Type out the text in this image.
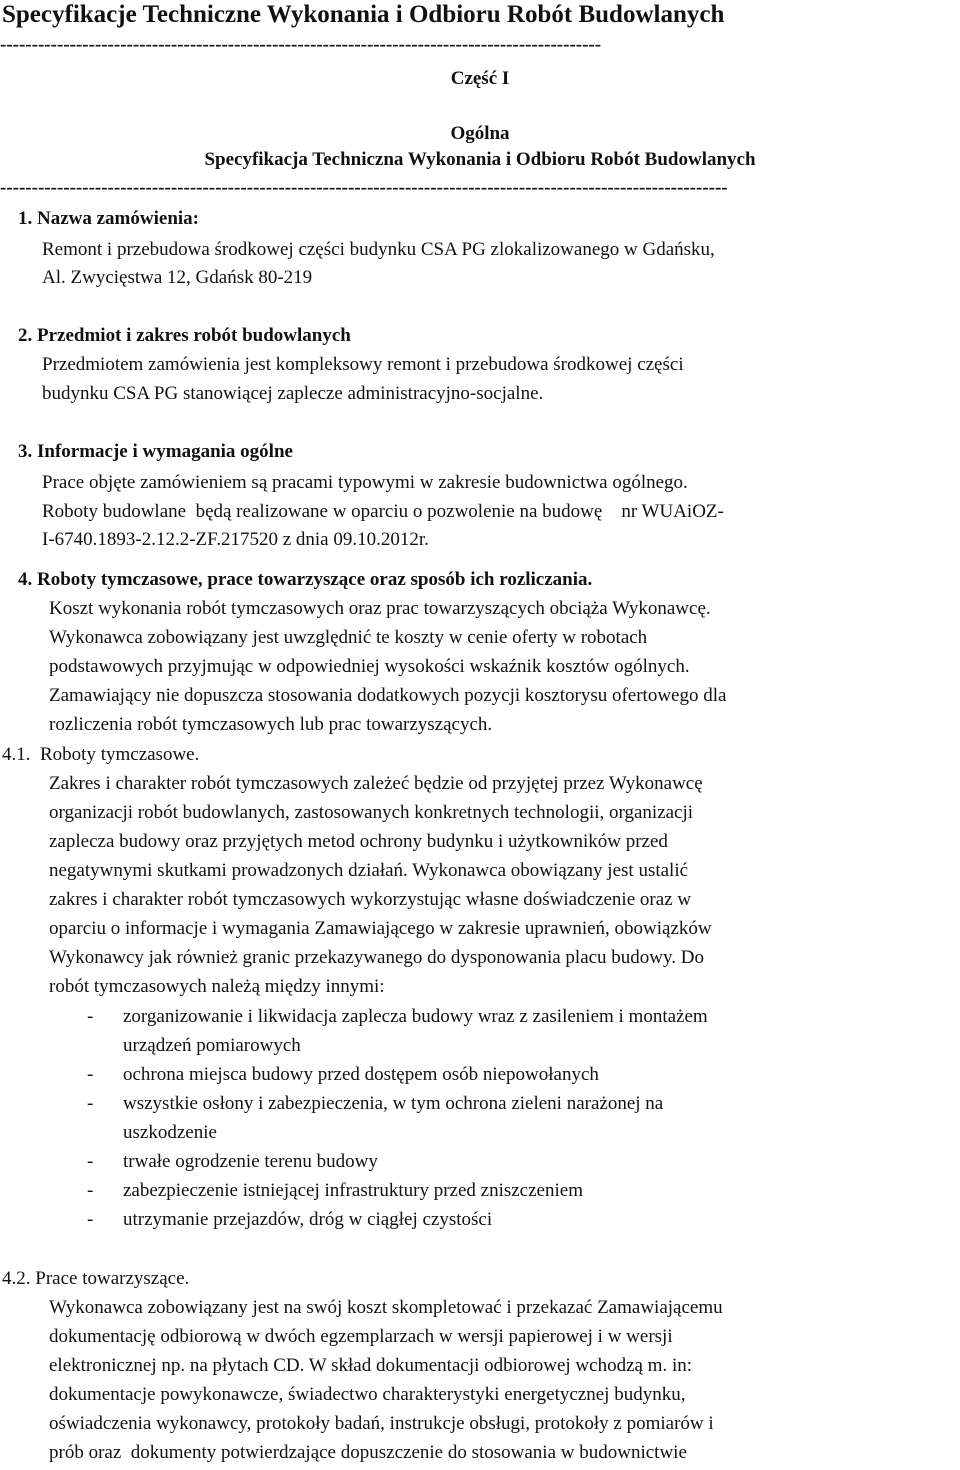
Specyfikacje Techniczne Wykonania i Odbioru Robót Budowlanych
-----------------------------------------------------------------------------------------------
Część I
Ogólna
Specyfikacja Techniczna Wykonania i Odbioru Robót Budowlanych
-------------------------------------------------------------------------------------------------------------------
1. Nazwa zamówienia:
Remont i przebudowa środkowej części budynku CSA PG zlokalizowanego w Gdańsku,
Al. Zwycięstwa 12, Gdańsk 80-219
2. Przedmiot i zakres robót budowlanych
Przedmiotem zamówienia jest kompleksowy remont i przebudowa środkowej części
budynku CSA PG stanowiącej zaplecze administracyjno-socjalne.
3. Informacje i wymagania ogólne
Prace objęte zamówieniem są pracami typowymi w zakresie budownictwa ogólnego.
Roboty budowlane  będą realizowane w oparciu o pozwolenie na budowę    nr WUAiOZ-
I-6740.1893-2.12.2-ZF.217520 z dnia 09.10.2012r.
4. Roboty tymczasowe, prace towarzyszące oraz sposób ich rozliczania.
Koszt wykonania robót tymczasowych oraz prac towarzyszących obciąża Wykonawcę.
Wykonawca zobowiązany jest uwzględnić te koszty w cenie oferty w robotach
podstawowych przyjmując w odpowiedniej wysokości wskaźnik kosztów ogólnych.
Zamawiający nie dopuszcza stosowania dodatkowych pozycji kosztorysu ofertowego dla
rozliczenia robót tymczasowych lub prac towarzyszących.
4.1.  Roboty tymczasowe.
Zakres i charakter robót tymczasowych zależeć będzie od przyjętej przez Wykonawcę
organizacji robót budowlanych, zastosowanych konkretnych technologii, organizacji
zaplecza budowy oraz przyjętych metod ochrony budynku i użytkowników przed
negatywnymi skutkami prowadzonych działań. Wykonawca obowiązany jest ustalić
zakres i charakter robót tymczasowych wykorzystując własne doświadczenie oraz w
oparciu o informacje i wymagania Zamawiającego w zakresie uprawnień, obowiązków
Wykonawcy jak również granic przekazywanego do dysponowania placu budowy. Do
robót tymczasowych należą między innymi:
- zorganizowanie i likwidacja zaplecza budowy wraz z zasileniem i montażem
urządzeń pomiarowych
- ochrona miejsca budowy przed dostępem osób niepowołanych
- wszystkie osłony i zabezpieczenia, w tym ochrona zieleni narażonej na
uszkodzenie
- trwałe ogrodzenie terenu budowy
- zabezpieczenie istniejącej infrastruktury przed zniszczeniem
- utrzymanie przejazdów, dróg w ciągłej czystości
4.2. Prace towarzyszące.
Wykonawca zobowiązany jest na swój koszt skompletować i przekazać Zamawiającemu
dokumentację odbiorową w dwóch egzemplarzach w wersji papierowej i w wersji
elektronicznej np. na płytach CD. W skład dokumentacji odbiorowej wchodzą m. in:
dokumentacje powykonawcze, świadectwo charakterystyki energetycznej budynku,
oświadczenia wykonawcy, protokoły badań, instrukcje obsługi, protokoły z pomiarów i
prób oraz  dokumenty potwierdzające dopuszczenie do stosowania w budownictwie
